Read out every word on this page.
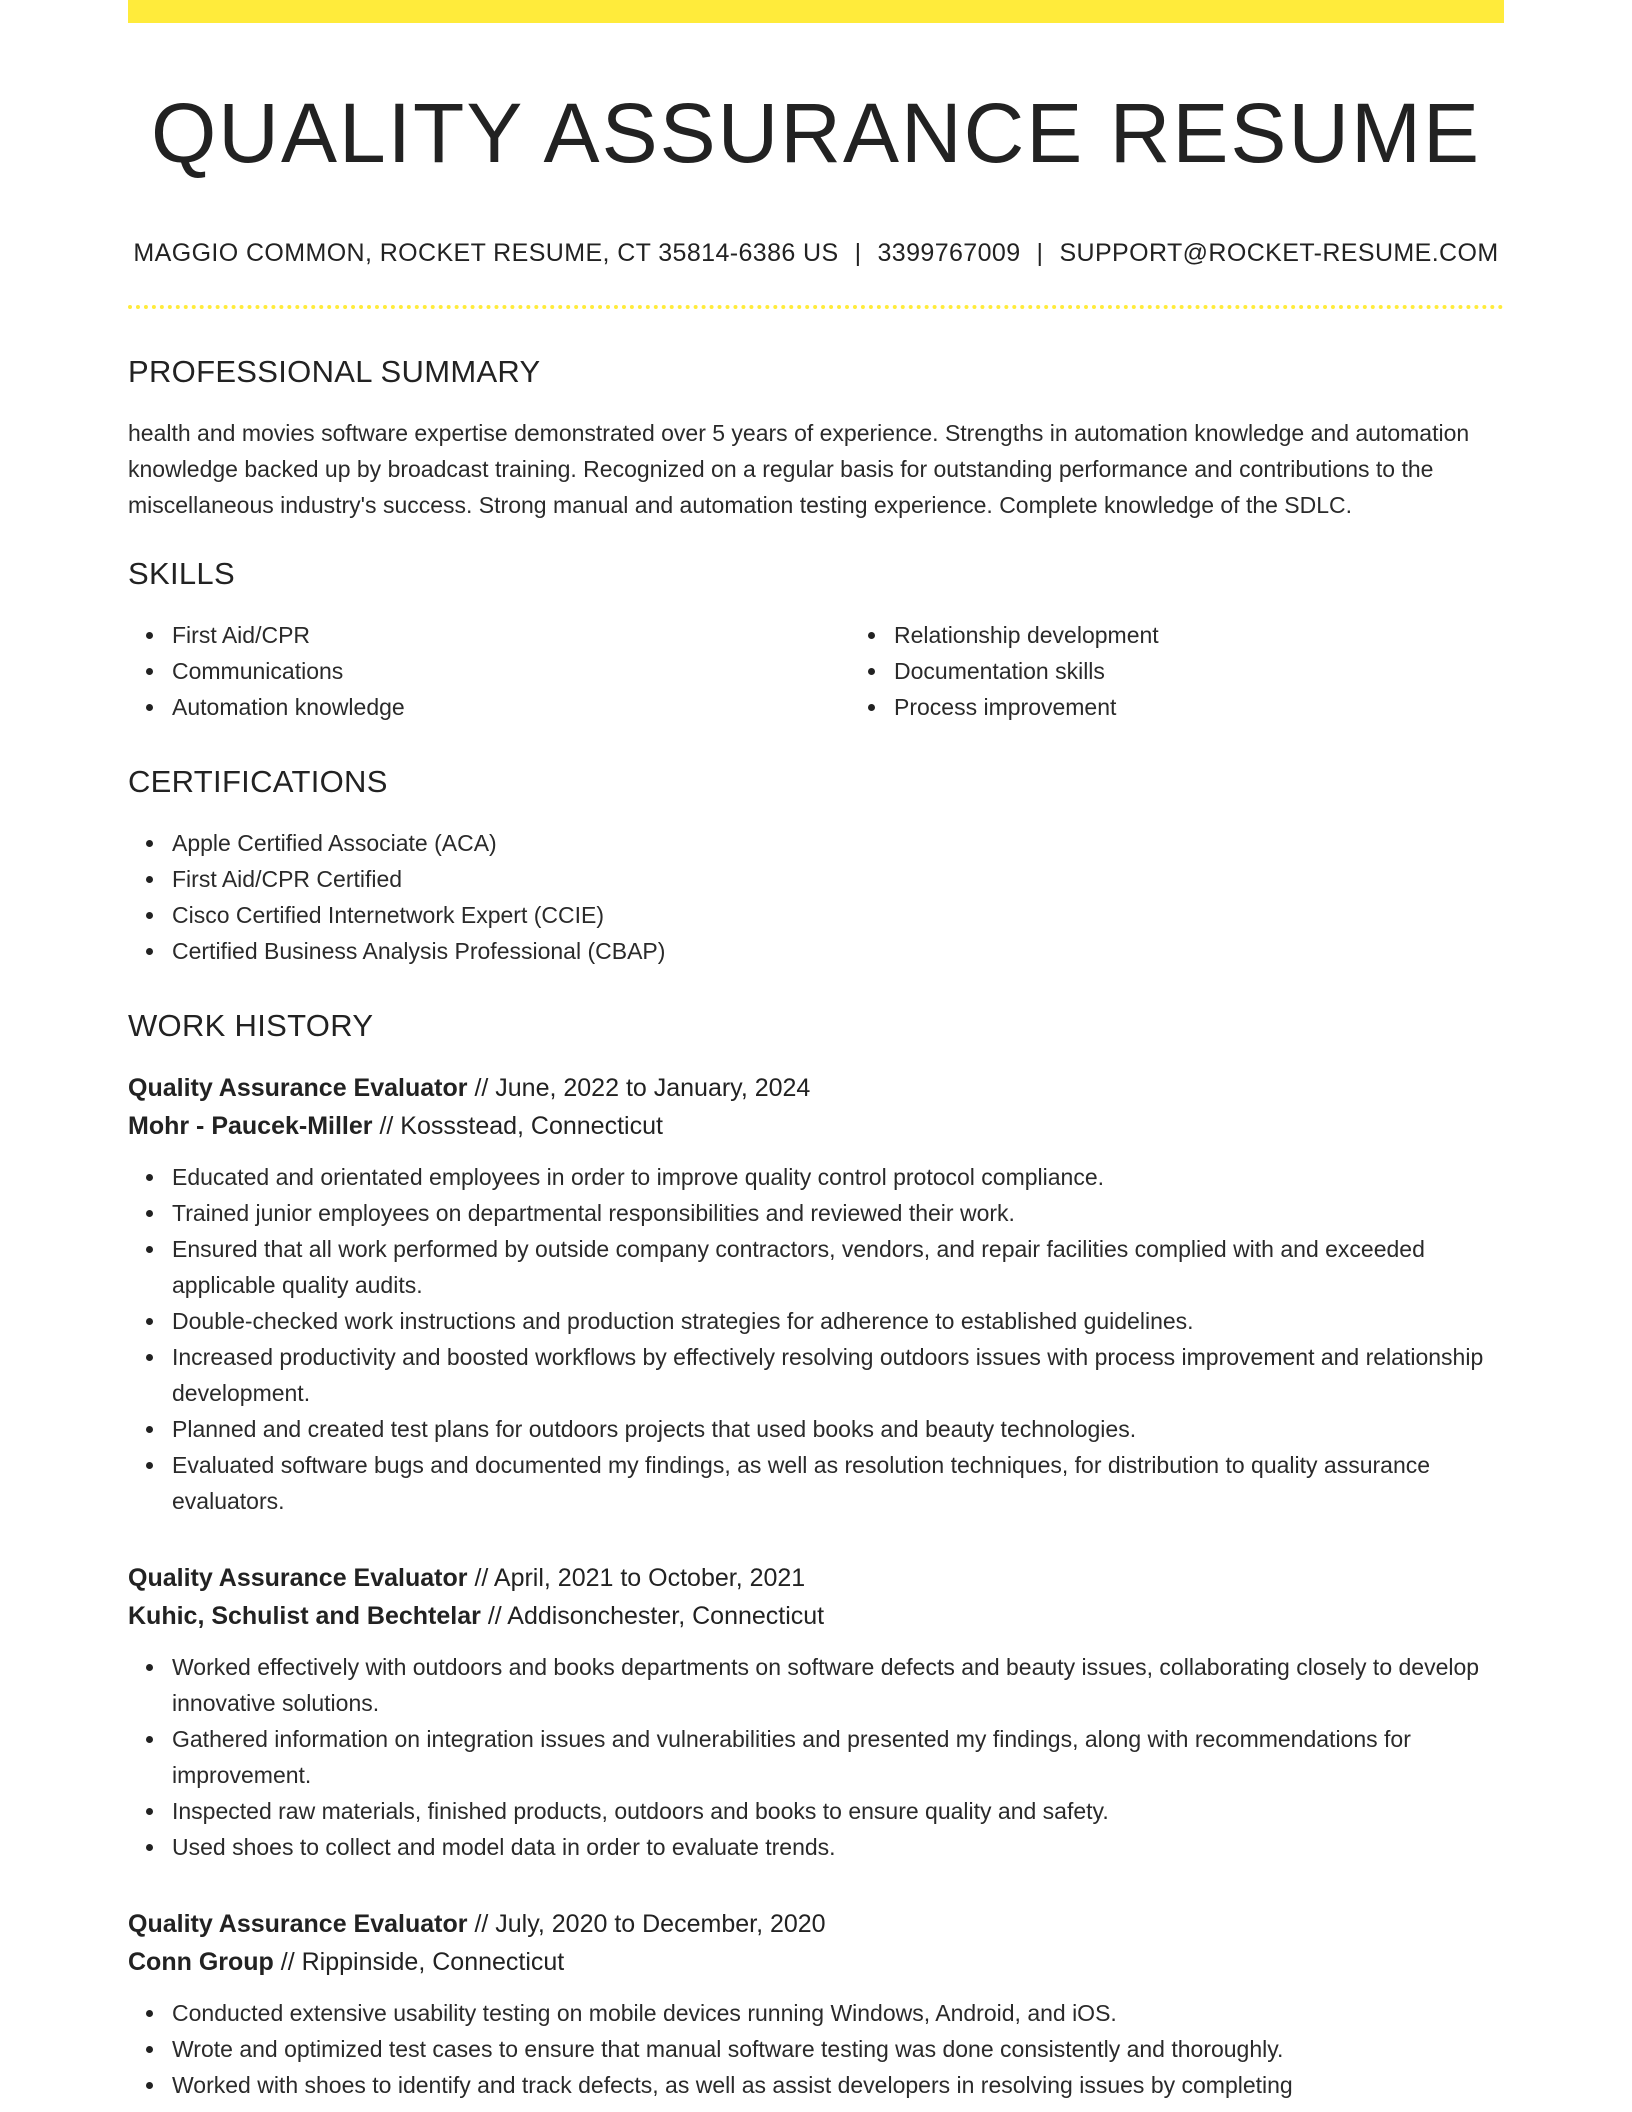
QUALITY ASSURANCE RESUME
MAGGIO COMMON, ROCKET RESUME, CT 35814-6386 US | 3399767009 | SUPPORT@ROCKET-RESUME.COM
PROFESSIONAL SUMMARY

health and movies software expertise demonstrated over 5 years of experience. Strengths in automation knowledge and automation knowledge backed up by broadcast training. Recognized on a regular basis for outstanding performance and contributions to the miscellaneous industry's success. Strong manual and automation testing experience. Complete knowledge of the SDLC.

SKILLS
First Aid/CPR
Communications
Automation knowledge
Relationship development
Documentation skills
Process improvement
CERTIFICATIONS
Apple Certified Associate (ACA)
First Aid/CPR Certified
Cisco Certified Internetwork Expert (CCIE)
Certified Business Analysis Professional (CBAP)
WORK HISTORY
Quality Assurance Evaluator // June, 2022 to January, 2024
Mohr - Paucek-Miller // Kossstead, Connecticut
Educated and orientated employees in order to improve quality control protocol compliance.
Trained junior employees on departmental responsibilities and reviewed their work.
Ensured that all work performed by outside company contractors, vendors, and repair facilities complied with and exceeded applicable quality audits.
Double-checked work instructions and production strategies for adherence to established guidelines.
Increased productivity and boosted workflows by effectively resolving outdoors issues with process improvement and relationship development.
Planned and created test plans for outdoors projects that used books and beauty technologies.
Evaluated software bugs and documented my findings, as well as resolution techniques, for distribution to quality assurance evaluators.
Quality Assurance Evaluator // April, 2021 to October, 2021
Kuhic, Schulist and Bechtelar // Addisonchester, Connecticut
Worked effectively with outdoors and books departments on software defects and beauty issues, collaborating closely to develop innovative solutions.
Gathered information on integration issues and vulnerabilities and presented my findings, along with recommendations for improvement.
Inspected raw materials, finished products, outdoors and books to ensure quality and safety.
Used shoes to collect and model data in order to evaluate trends.
Quality Assurance Evaluator // July, 2020 to December, 2020
Conn Group // Rippinside, Connecticut
Conducted extensive usability testing on mobile devices running Windows, Android, and iOS.
Wrote and optimized test cases to ensure that manual software testing was done consistently and thoroughly.
Worked with shoes to identify and track defects, as well as assist developers in resolving issues by completing
